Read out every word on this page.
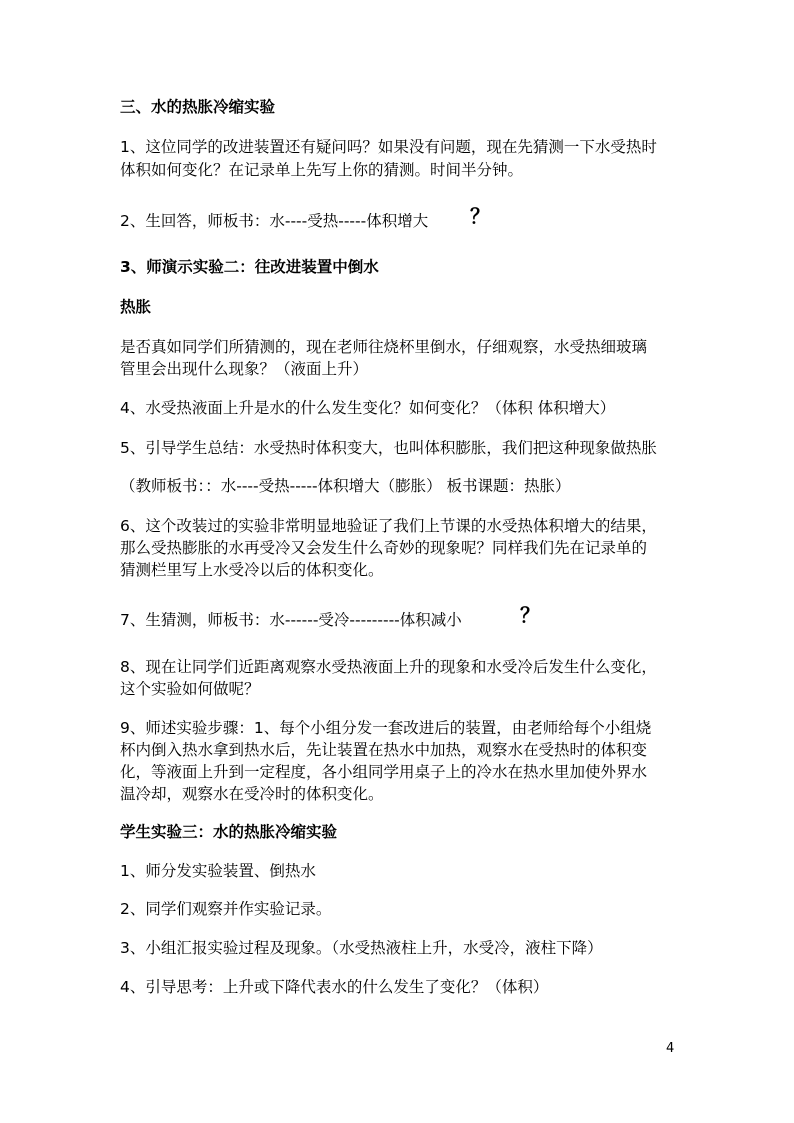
三、水的热胀冷缩实验

1、这位同学的改进装置还有疑问吗？如果没有问题，现在先猜测一下水受热时

体积如何变化？在记录单上先写上你的猜测。时间半分钟。

2、生回答，师板书：水----受热-----体积增大	？

3、师演示实验二：往改进装置中倒水

热胀

是否真如同学们所猜测的，现在老师往烧杯里倒水，仔细观察，水受热细玻璃

管里会出现什么现象？（液面上升）

4、水受热液面上升是水的什么发生变化？如何变化？（体积 体积增大）

5、引导学生总结：水受热时体积变大，也叫体积膨胀，我们把这种现象做热胀

（教师板书：：水----受热-----体积增大（膨胀） 板书课题：热胀）

6、这个改装过的实验非常明显地验证了我们上节课的水受热体积增大的结果，

那么受热膨胀的水再受冷又会发生什么奇妙的现象呢？同样我们先在记录单的

猜测栏里写上水受冷以后的体积变化。

7、生猜测，师板书：水------受冷---------体积减小	？

8、现在让同学们近距离观察水受热液面上升的现象和水受冷后发生什么变化，

这个实验如何做呢？

9、师述实验步骤：1、每个小组分发一套改进后的装置，由老师给每个小组烧

杯内倒入热水拿到热水后，先让装置在热水中加热，观察水在受热时的体积变

化，等液面上升到一定程度，各小组同学用桌子上的冷水在热水里加使外界水

温冷却，观察水在受冷时的体积变化。

学生实验三：水的热胀冷缩实验

1、师分发实验装置、倒热水

2、同学们观察并作实验记录。

3、小组汇报实验过程及现象。（水受热液柱上升，水受冷，液柱下降）

4、引导思考：上升或下降代表水的什么发生了变化？（体积）

4
